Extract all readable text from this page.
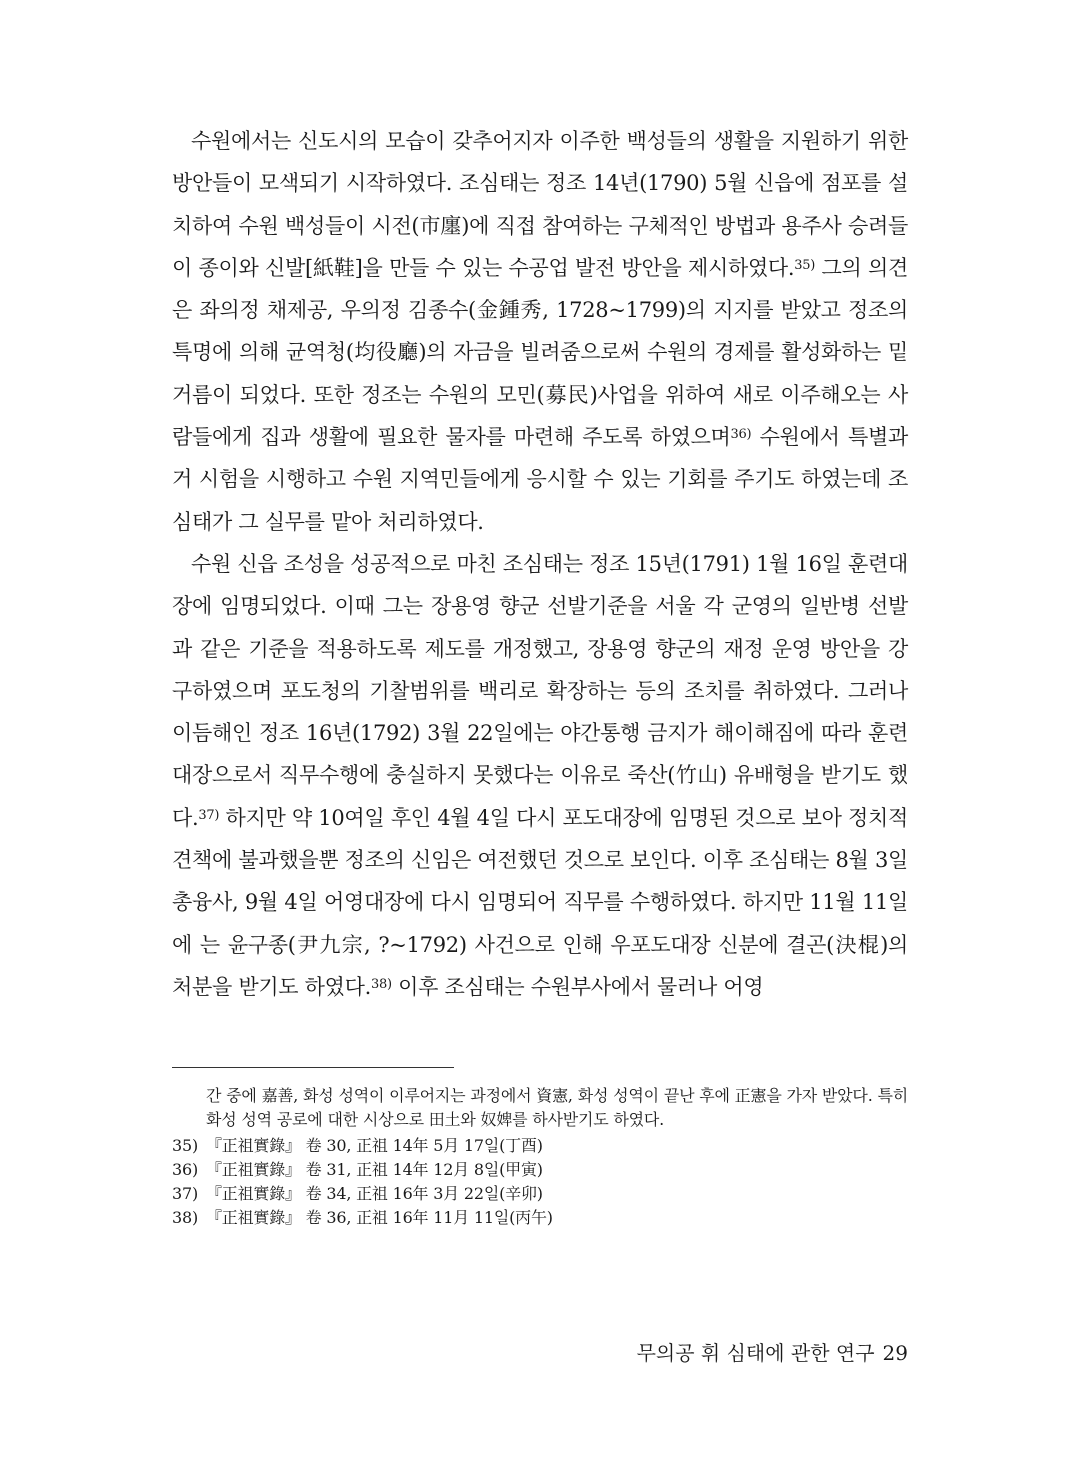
수원에서는 신도시의 모습이 갖추어지자 이주한 백성들의 생활을 지원하기 위한 방안들이 모색되기 시작하였다. 조심태는 정조 14년(1790) 5월 신읍에 점포를 설치하여 수원 백성들이 시전(市廛)에 직접 참여하는 구체적인 방법과 용주사 승려들이 종이와 신발[紙鞋]을 만들 수 있는 수공업 발전 방안을 제시하였다.$^{35)}$ 그의 의견은 좌의정 채제공, 우의정 김종수(金鍾秀, 1728~1799)의 지지를 받았고 정조의 특명에 의해 균역청(均役廳)의 자금을 빌려줌으로써 수원의 경제를 활성화하는 밑거름이 되었다. 또한 정조는 수원의 모민(募民)사업을 위하여 새로 이주해오는 사람들에게 집과 생활에 필요한 물자를 마련해 주도록 하였으며$^{36)}$ 수원에서 특별과거 시험을 시행하고 수원 지역민들에게 응시할 수 있는 기회를 주기도 하였는데 조심태가 그 실무를 맡아 처리하였다.

수원 신읍 조성을 성공적으로 마친 조심태는 정조 15년(1791) 1월 16일 훈련대장에 임명되었다. 이때 그는 장용영 향군 선발기준을 서울 각 군영의 일반병 선발과 같은 기준을 적용하도록 제도를 개정했고, 장용영 향군의 재정 운영 방안을 강구하였으며 포도청의 기찰범위를 백리로 확장하는 등의 조치를 취하였다. 그러나 이듬해인 정조 16년(1792) 3월 22일에는 야간통행 금지가 해이해짐에 따라 훈련대장으로서 직무수행에 충실하지 못했다는 이유로 죽산(竹山) 유배형을 받기도 했다.$^{37)}$ 하지만 약 10여일 후인 4월 4일 다시 포도대장에 임명된 것으로 보아 정치적 견책에 불과했을뿐 정조의 신임은 여전했던 것으로 보인다. 이후 조심태는 8월 3일 총융사, 9월 4일 어영대장에 다시 임명되어 직무를 수행하였다. 하지만 11월 11일에 는 윤구종(尹九宗, ?~1792) 사건으로 인해 우포도대장 신분에 결곤(決棍)의 처분을 받기도 하였다.$^{38)}$ 이후 조심태는 수원부사에서 물러나 어영

간 중에 嘉善, 화성 성역이 이루어지는 과정에서 資憲, 화성 성역이 끝난 후에 正憲을 가자 받았다. 특히 화성 성역 공로에 대한 시상으로 田土와 奴婢를 하사받기도 하였다.

35) 『正祖實錄』 卷 30, 正祖 14年 5月 17일(丁酉)

36) 『正祖實錄』 卷 31, 正祖 14年 12月 8일(甲寅)

37) 『正祖實錄』 卷 34, 正祖 16年 3月 22일(辛卯)

38) 『正祖實錄』 卷 36, 正祖 16年 11月 11일(丙午)

무의공 휘 심태에 관한 연구 29
